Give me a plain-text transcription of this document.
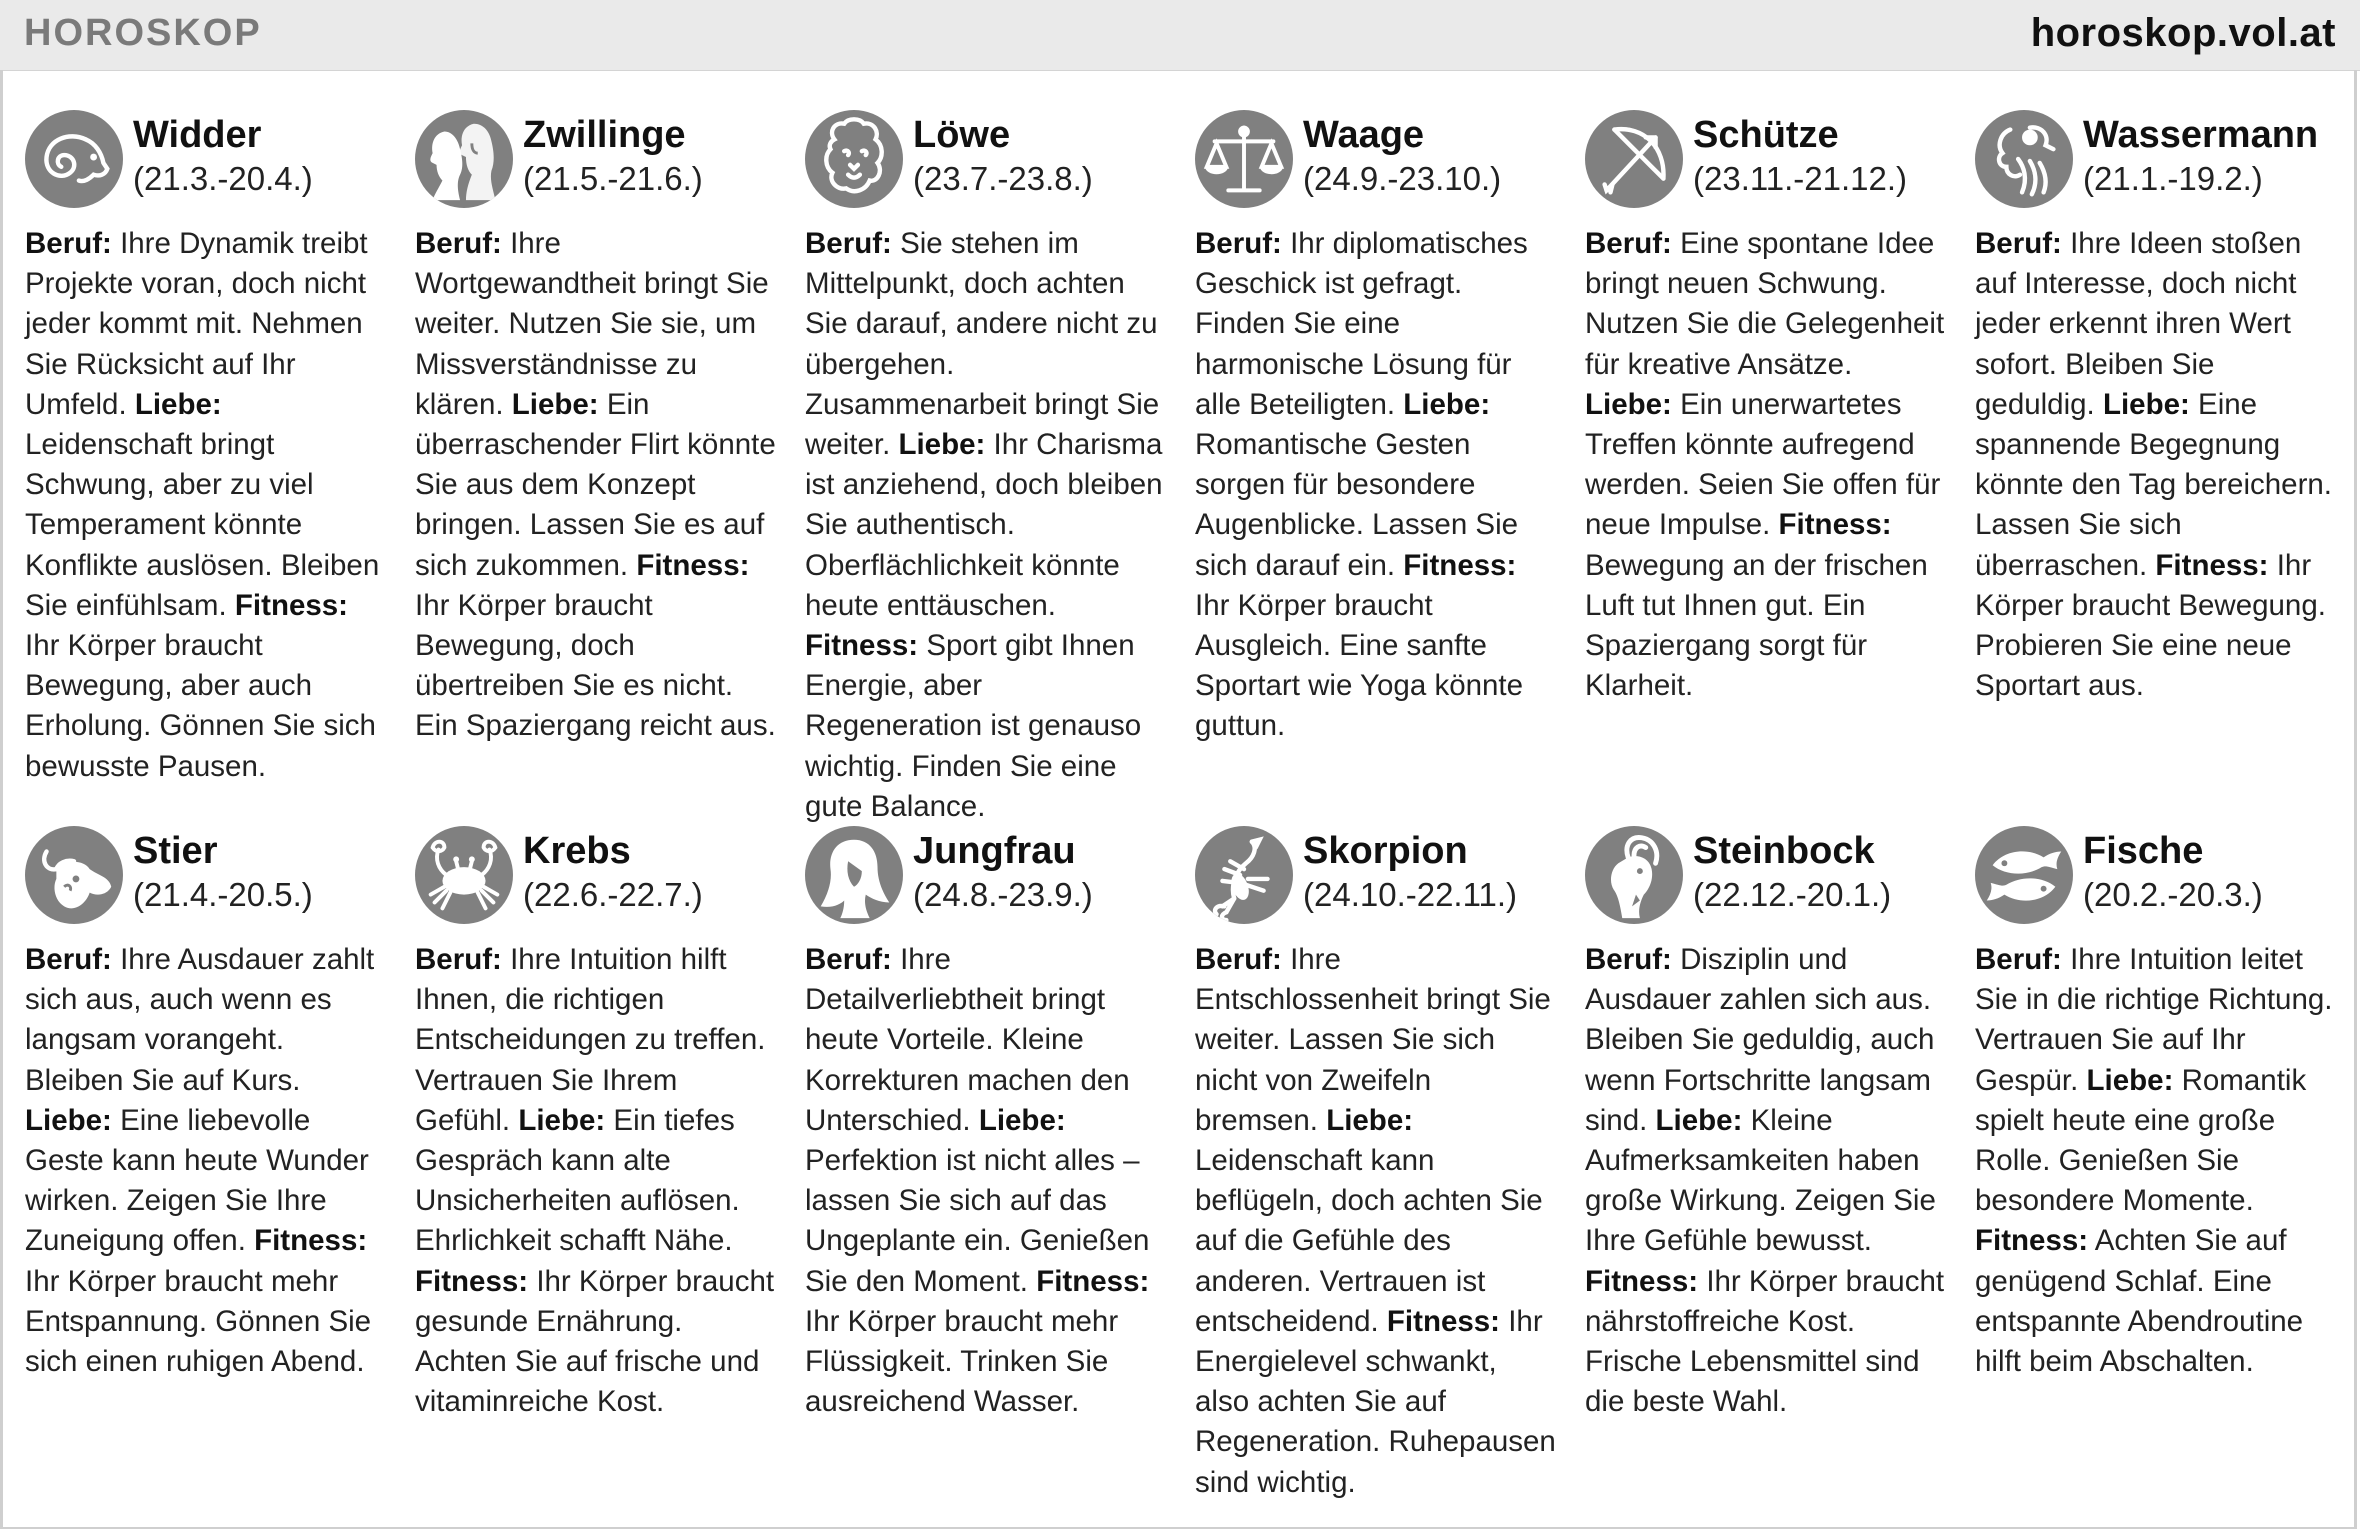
HOROSKOP	horoskop.vol.at
Widder
(21.3.-20.4.)
Beruf: Ihre Dynamik treibt Projekte voran, doch nicht jeder kommt mit. Nehmen Sie Rücksicht auf Ihr Umfeld. Liebe: Leidenschaft bringt Schwung, aber zu viel Temperament könnte Konflikte auslösen. Bleiben Sie einfühlsam. Fitness: Ihr Körper braucht Bewegung, aber auch Erholung. Gönnen Sie sich bewusste Pausen.
Zwillinge
(21.5.-21.6.)
Beruf: Ihre Wortgewandtheit bringt Sie weiter. Nutzen Sie sie, um Missverständnisse zu klären. Liebe: Ein überraschender Flirt könnte Sie aus dem Konzept bringen. Lassen Sie es auf sich zukommen. Fitness: Ihr Körper braucht Bewegung, doch übertreiben Sie es nicht. Ein Spaziergang reicht aus.
Löwe
(23.7.-23.8.)
Beruf: Sie stehen im Mittelpunkt, doch achten Sie darauf, andere nicht zu übergehen. Zusammenarbeit bringt Sie weiter. Liebe: Ihr Charisma ist anziehend, doch bleiben Sie authentisch. Oberflächlichkeit könnte heute enttäuschen. Fitness: Sport gibt Ihnen Energie, aber Regeneration ist genauso wichtig. Finden Sie eine gute Balance.
Waage
(24.9.-23.10.)
Beruf: Ihr diplomatisches Geschick ist gefragt. Finden Sie eine harmonische Lösung für alle Beteiligten. Liebe: Romantische Gesten sorgen für besondere Augenblicke. Lassen Sie sich darauf ein. Fitness: Ihr Körper braucht Ausgleich. Eine sanfte Sportart wie Yoga könnte guttun.
Schütze
(23.11.-21.12.)
Beruf: Eine spontane Idee bringt neuen Schwung. Nutzen Sie die Gelegenheit für kreative Ansätze. Liebe: Ein unerwartetes Treffen könnte aufregend werden. Seien Sie offen für neue Impulse. Fitness: Bewegung an der frischen Luft tut Ihnen gut. Ein Spaziergang sorgt für Klarheit.
Wassermann
(21.1.-19.2.)
Beruf: Ihre Ideen stoßen auf Interesse, doch nicht jeder erkennt ihren Wert sofort. Bleiben Sie geduldig. Liebe: Eine spannende Begegnung könnte den Tag bereichern. Lassen Sie sich überraschen. Fitness: Ihr Körper braucht Bewegung. Probieren Sie eine neue Sportart aus.
Stier
(21.4.-20.5.)
Beruf: Ihre Ausdauer zahlt sich aus, auch wenn es langsam vorangeht. Bleiben Sie auf Kurs. Liebe: Eine liebevolle Geste kann heute Wunder wirken. Zeigen Sie Ihre Zuneigung offen. Fitness: Ihr Körper braucht mehr Entspannung. Gönnen Sie sich einen ruhigen Abend.
Krebs
(22.6.-22.7.)
Beruf: Ihre Intuition hilft Ihnen, die richtigen Entscheidungen zu treffen. Vertrauen Sie Ihrem Gefühl. Liebe: Ein tiefes Gespräch kann alte Unsicherheiten auflösen. Ehrlichkeit schafft Nähe. Fitness: Ihr Körper braucht gesunde Ernährung. Achten Sie auf frische und vitaminreiche Kost.
Jungfrau
(24.8.-23.9.)
Beruf: Ihre Detailverliebtheit bringt heute Vorteile. Kleine Korrekturen machen den Unterschied. Liebe: Perfektion ist nicht alles – lassen Sie sich auf das Ungeplante ein. Genießen Sie den Moment. Fitness: Ihr Körper braucht mehr Flüssigkeit. Trinken Sie ausreichend Wasser.
Skorpion
(24.10.-22.11.)
Beruf: Ihre Entschlossenheit bringt Sie weiter. Lassen Sie sich nicht von Zweifeln bremsen. Liebe: Leidenschaft kann beflügeln, doch achten Sie auf die Gefühle des anderen. Vertrauen ist entscheidend. Fitness: Ihr Energielevel schwankt, also achten Sie auf Regeneration. Ruhepausen sind wichtig.
Steinbock
(22.12.-20.1.)
Beruf: Disziplin und Ausdauer zahlen sich aus. Bleiben Sie geduldig, auch wenn Fortschritte langsam sind. Liebe: Kleine Aufmerksamkeiten haben große Wirkung. Zeigen Sie Ihre Gefühle bewusst. Fitness: Ihr Körper braucht nährstoffreiche Kost. Frische Lebensmittel sind die beste Wahl.
Fische
(20.2.-20.3.)
Beruf: Ihre Intuition leitet Sie in die richtige Richtung. Vertrauen Sie auf Ihr Gespür. Liebe: Romantik spielt heute eine große Rolle. Genießen Sie besondere Momente. Fitness: Achten Sie auf genügend Schlaf. Eine entspannte Abendroutine hilft beim Abschalten.
